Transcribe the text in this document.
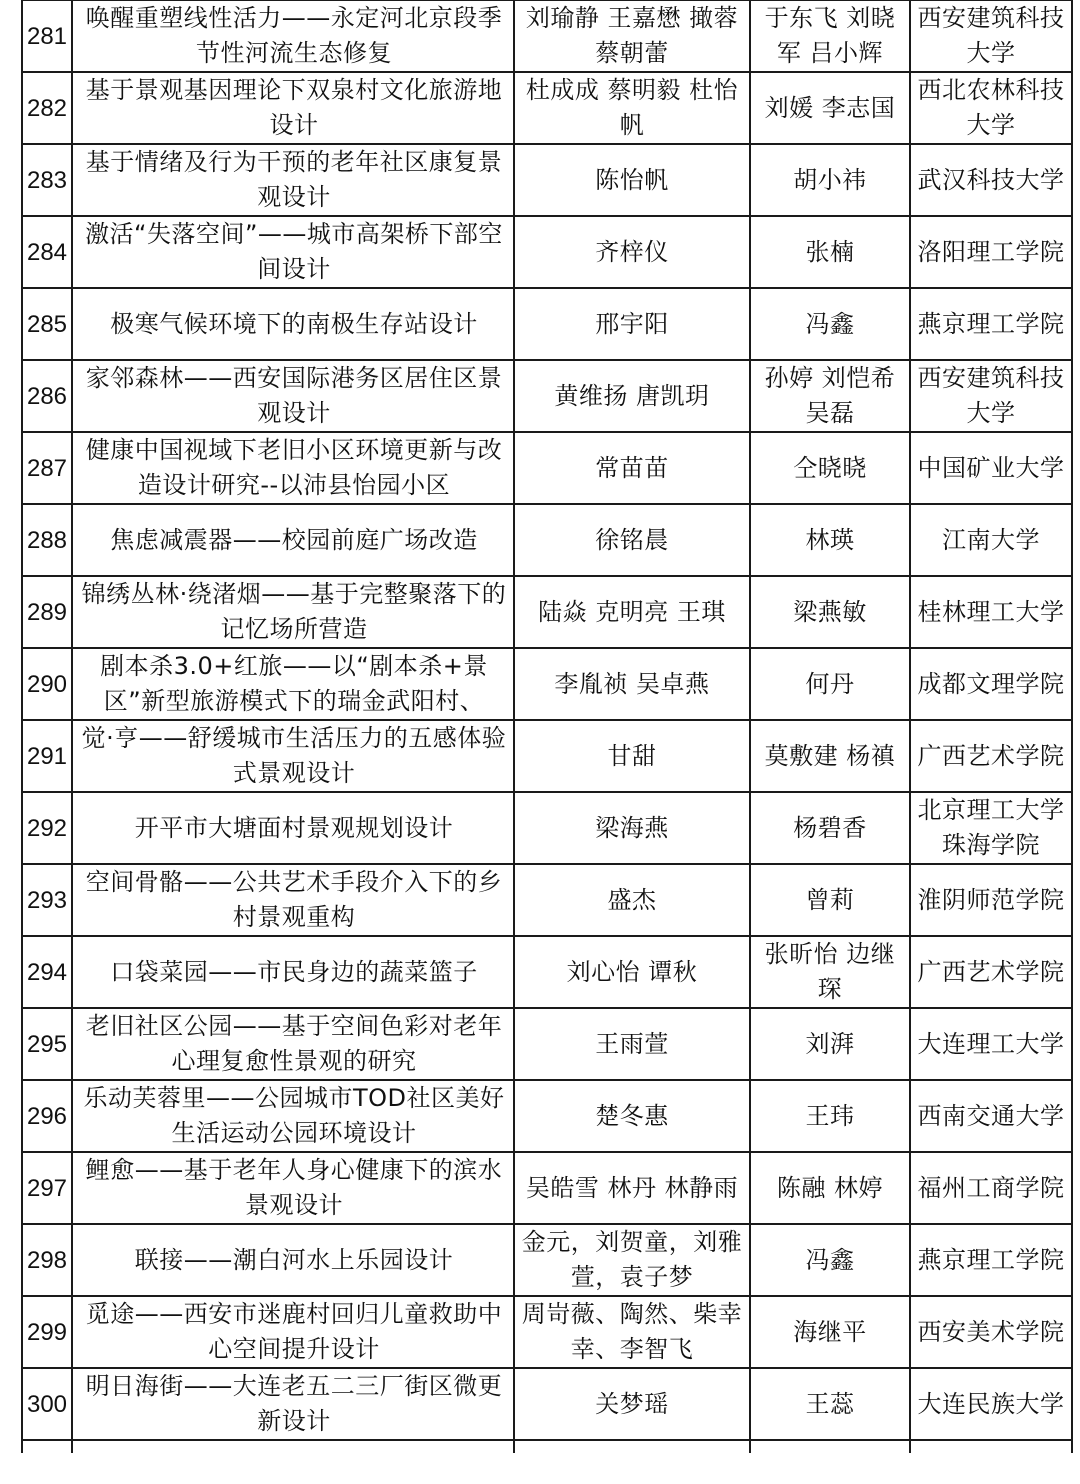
281	唤醒重塑线性活力——永定河北京段季节性河流生态修复	刘瑜静 王嘉懋 撖蓉 蔡朝蕾	于东飞 刘晓军 吕小辉	西安建筑科技大学
282	基于景观基因理论下双泉村文化旅游地设计	杜成成 蔡明毅 杜怡帆	刘媛 李志国	西北农林科技大学
283	基于情绪及行为干预的老年社区康复景观设计	陈怡帆	胡小祎	武汉科技大学
284	激活“失落空间”——城市高架桥下部空间设计	齐梓仪	张楠	洛阳理工学院
285	极寒气候环境下的南极生存站设计	邢宇阳	冯鑫	燕京理工学院
286	家邻森林——西安国际港务区居住区景观设计	黄维扬 唐凯玥	孙婷 刘恺希 吴磊	西安建筑科技大学
287	健康中国视域下老旧小区环境更新与改造设计研究--以沛县怡园小区	常苗苗	仝晓晓	中国矿业大学
288	焦虑减震器——校园前庭广场改造	徐铭晨	林瑛	江南大学
289	锦绣丛林·绕渚烟——基于完整聚落下的记忆场所营造	陆焱 克明亮 王琪	梁燕敏	桂林理工大学
290	剧本杀3.0+红旅——以“剧本杀+景区”新型旅游模式下的瑞金武阳村、	李胤祯 吴卓燕	何丹	成都文理学院
291	觉·亨——舒缓城市生活压力的五感体验式景观设计	甘甜	莫敷建 杨禛	广西艺术学院
292	开平市大塘面村景观规划设计	梁海燕	杨碧香	北京理工大学珠海学院
293	空间骨骼——公共艺术手段介入下的乡村景观重构	盛杰	曾莉	淮阴师范学院
294	口袋菜园——市民身边的蔬菜篮子	刘心怡 谭秋	张昕怡 边继琛	广西艺术学院
295	老旧社区公园——基于空间色彩对老年心理复愈性景观的研究	王雨萱	刘湃	大连理工大学
296	乐动芙蓉里——公园城市TOD社区美好生活运动公园环境设计	楚冬惠	王玮	西南交通大学
297	鲤愈——基于老年人身心健康下的滨水景观设计	吴皓雪 林丹 林静雨	陈融 林婷	福州工商学院
298	联接——潮白河水上乐园设计	金元，刘贺童，刘雅萱，袁子梦	冯鑫	燕京理工学院
299	觅途——西安市迷鹿村回归儿童救助中心空间提升设计	周岢薇、陶然、柴幸幸、李智飞	海继平	西安美术学院
300	明日海街——大连老五二三厂街区微更新设计	关梦瑶	王蕊	大连民族大学
